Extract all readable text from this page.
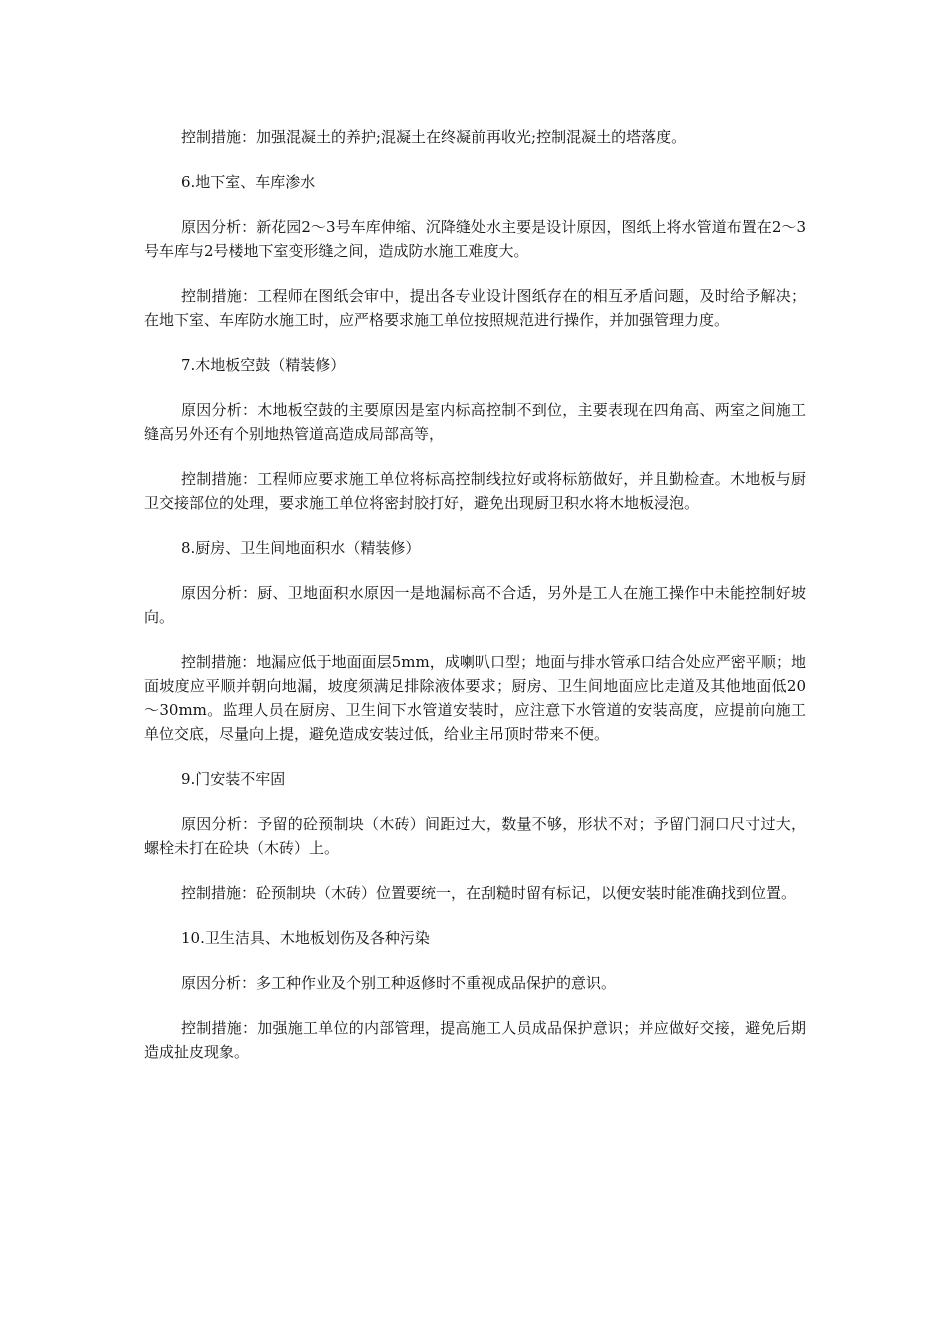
控制措施：加强混凝土的养护;混凝土在终凝前再收光;控制混凝土的塔落度。

6.地下室、车库渗水

原因分析：新花园2～3号车库伸缩、沉降缝处水主要是设计原因，图纸上将水管道布置在2～3号车库与2号楼地下室变形缝之间，造成防水施工难度大。

控制措施：工程师在图纸会审中，提出各专业设计图纸存在的相互矛盾问题，及时给予解决；在地下室、车库防水施工时，应严格要求施工单位按照规范进行操作，并加强管理力度。

7.木地板空鼓（精装修）

原因分析：木地板空鼓的主要原因是室内标高控制不到位，主要表现在四角高、两室之间施工缝高另外还有个别地热管道高造成局部高等，

控制措施：工程师应要求施工单位将标高控制线拉好或将标筋做好，并且勤检查。木地板与厨卫交接部位的处理，要求施工单位将密封胶打好，避免出现厨卫积水将木地板浸泡。

8.厨房、卫生间地面积水（精装修）

原因分析：厨、卫地面积水原因一是地漏标高不合适，另外是工人在施工操作中未能控制好坡向。

控制措施：地漏应低于地面面层5mm，成喇叭口型；地面与排水管承口结合处应严密平顺；地面坡度应平顺并朝向地漏，坡度须满足排除液体要求；厨房、卫生间地面应比走道及其他地面低20～30mm。监理人员在厨房、卫生间下水管道安装时，应注意下水管道的安装高度，应提前向施工单位交底，尽量向上提，避免造成安装过低，给业主吊顶时带来不便。

9.门安装不牢固

原因分析：予留的砼预制块（木砖）间距过大，数量不够，形状不对；予留门洞口尺寸过大，螺栓未打在砼块（木砖）上。

控制措施：砼预制块（木砖）位置要统一，在刮糙时留有标记，以便安装时能准确找到位置。

10.卫生洁具、木地板划伤及各种污染

原因分析：多工种作业及个别工种返修时不重视成品保护的意识。

控制措施：加强施工单位的内部管理，提高施工人员成品保护意识；并应做好交接，避免后期造成扯皮现象。
